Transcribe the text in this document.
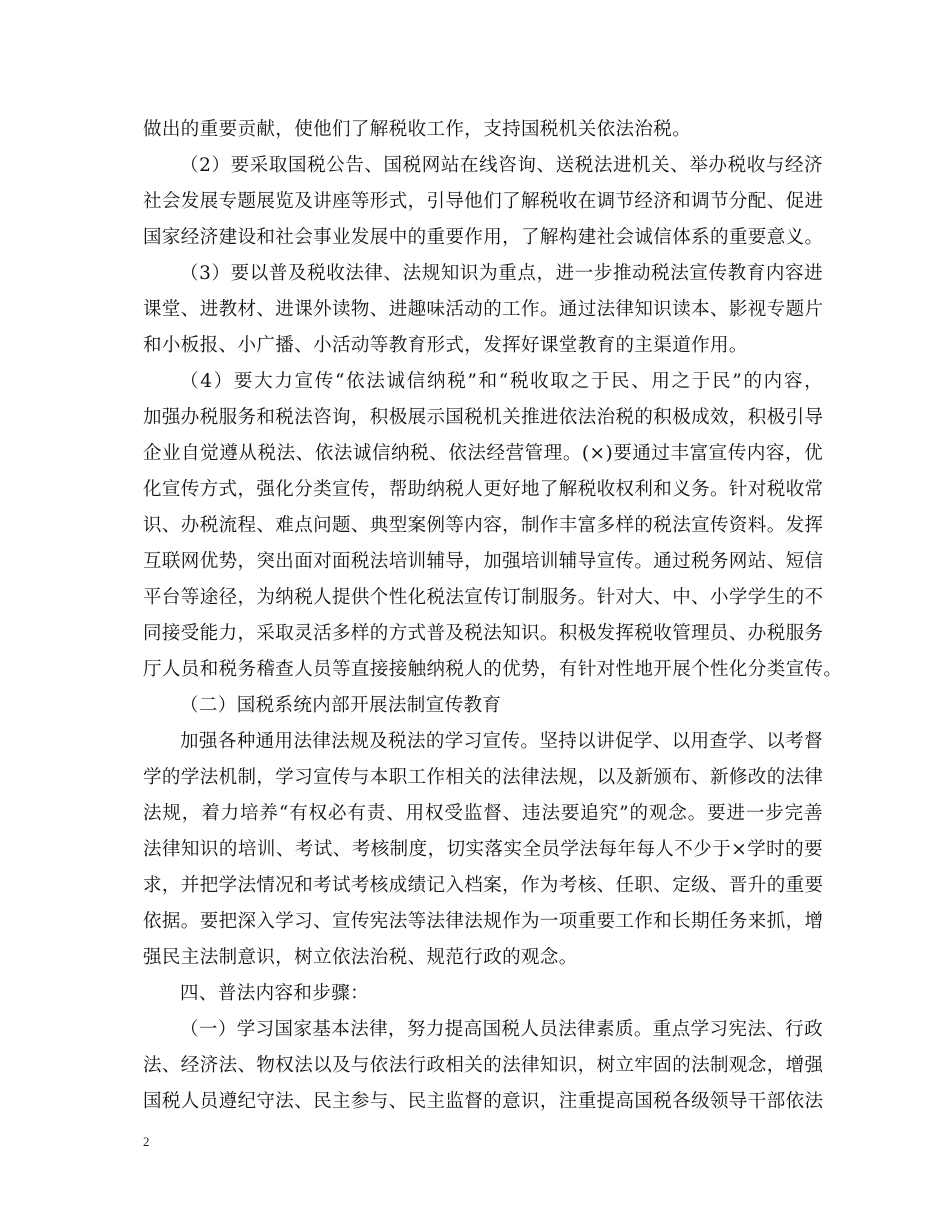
做出的重要贡献，使他们了解税收工作，支持国税机关依法治税。
（2）要采取国税公告、国税网站在线咨询、送税法进机关、举办税收与经济
社会发展专题展览及讲座等形式，引导他们了解税收在调节经济和调节分配、促进
国家经济建设和社会事业发展中的重要作用，了解构建社会诚信体系的重要意义。
（3）要以普及税收法律、法规知识为重点，进一步推动税法宣传教育内容进
课堂、进教材、进课外读物、进趣味活动的工作。通过法律知识读本、影视专题片
和小板报、小广播、小活动等教育形式，发挥好课堂教育的主渠道作用。
（4）要大力宣传“依法诚信纳税”和“税收取之于民、用之于民”的内容，
加强办税服务和税法咨询，积极展示国税机关推进依法治税的积极成效，积极引导
企业自觉遵从税法、依法诚信纳税、依法经营管理。(×)要通过丰富宣传内容，优
化宣传方式，强化分类宣传，帮助纳税人更好地了解税收权利和义务。针对税收常
识、办税流程、难点问题、典型案例等内容，制作丰富多样的税法宣传资料。发挥
互联网优势，突出面对面税法培训辅导，加强培训辅导宣传。通过税务网站、短信
平台等途径，为纳税人提供个性化税法宣传订制服务。针对大、中、小学学生的不
同接受能力，采取灵活多样的方式普及税法知识。积极发挥税收管理员、办税服务
厅人员和税务稽查人员等直接接触纳税人的优势，有针对性地开展个性化分类宣传。
（二）国税系统内部开展法制宣传教育
加强各种通用法律法规及税法的学习宣传。坚持以讲促学、以用查学、以考督
学的学法机制，学习宣传与本职工作相关的法律法规，以及新颁布、新修改的法律
法规，着力培养“有权必有责、用权受监督、违法要追究”的观念。要进一步完善
法律知识的培训、考试、考核制度，切实落实全员学法每年每人不少于×学时的要
求，并把学法情况和考试考核成绩记入档案，作为考核、任职、定级、晋升的重要
依据。要把深入学习、宣传宪法等法律法规作为一项重要工作和长期任务来抓，增
强民主法制意识，树立依法治税、规范行政的观念。
四、普法内容和步骤：
（一）学习国家基本法律，努力提高国税人员法律素质。重点学习宪法、行政
法、经济法、物权法以及与依法行政相关的法律知识，树立牢固的法制观念，增强
国税人员遵纪守法、民主参与、民主监督的意识，注重提高国税各级领导干部依法
2
